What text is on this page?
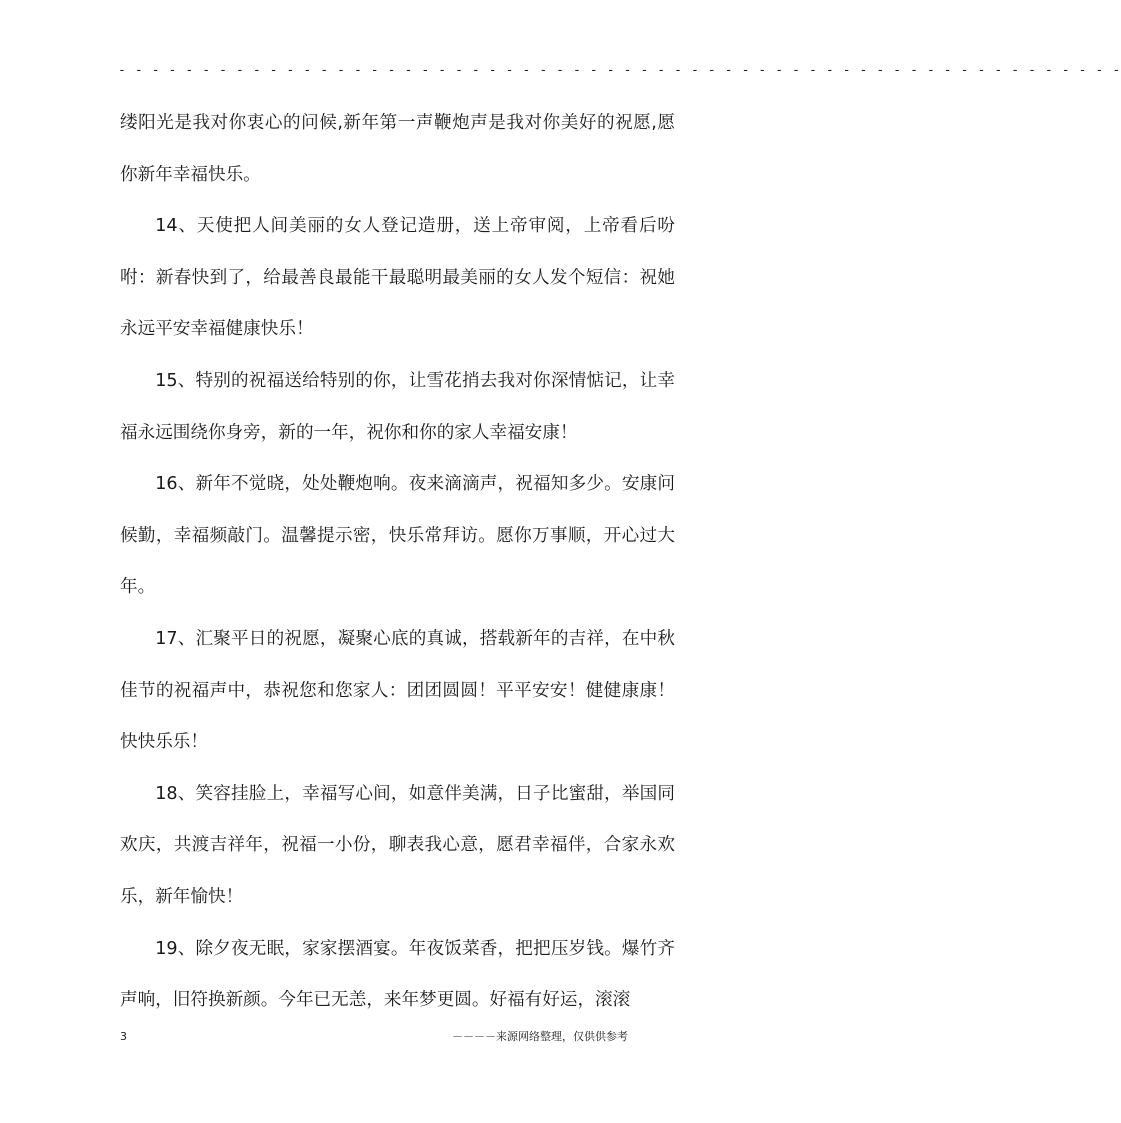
- - - - - - - - - - - - - - - - - - - - - - - - - - - - - - - - - - - - - - - - - - - - - - - - - - - - - - - - - - - -

缕阳光是我对你衷心的问候,新年第一声鞭炮声是我对你美好的祝愿,愿你新年幸福快乐。

14、天使把人间美丽的女人登记造册，送上帝审阅，上帝看后吩咐：新春快到了，给最善良最能干最聪明最美丽的女人发个短信：祝她永远平安幸福健康快乐！

15、特别的祝福送给特别的你，让雪花捎去我对你深情惦记，让幸福永远围绕你身旁，新的一年，祝你和你的家人幸福安康！

16、新年不觉晓，处处鞭炮响。夜来滴滴声，祝福知多少。安康问候勤，幸福频敲门。温馨提示密，快乐常拜访。愿你万事顺，开心过大年。

17、汇聚平日的祝愿，凝聚心底的真诚，搭载新年的吉祥，在中秋佳节的祝福声中，恭祝您和您家人：团团圆圆！平平安安！健健康康！快快乐乐！

18、笑容挂脸上，幸福写心间，如意伴美满，日子比蜜甜，举国同欢庆，共渡吉祥年，祝福一小份，聊表我心意，愿君幸福伴，合家永欢乐，新年愉快！

19、除夕夜无眠，家家摆酒宴。年夜饭菜香，把把压岁钱。爆竹齐声响，旧符换新颜。今年已无恙，来年梦更圆。好福有好运，滚滚

3	－－－－来源网络整理，仅供供参考
